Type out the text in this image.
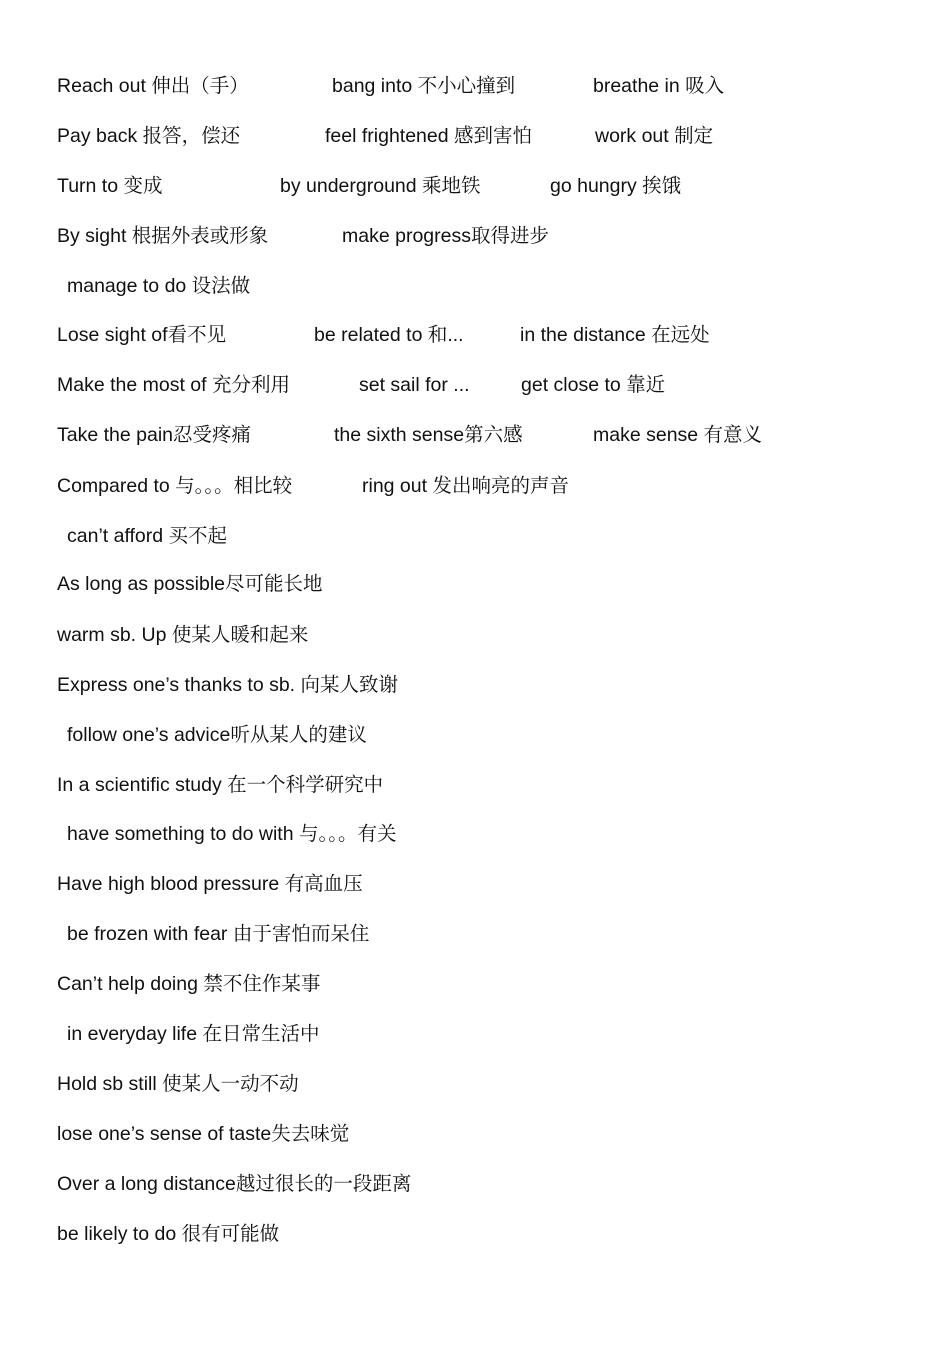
Reach out 伸出（手）	bang into 不小心撞到	breathe in 吸入
Pay back 报答，偿还	feel frightened 感到害怕	work out 制定
Turn to 变成	by underground 乘地铁	go hungry 挨饿
By sight 根据外表或形象	make progress取得进步
manage to do 设法做
Lose sight of看不见	be related to 和...	in the distance 在远处
Make the most of 充分利用	set sail for ...	get close to 靠近
Take the pain忍受疼痛	the sixth sense第六感	make sense 有意义
Compared to 与。。。相比较	ring out 发出响亮的声音
can’t afford 买不起
As long as possible尽可能长地
warm sb. Up 使某人暖和起来
Express one’s thanks to sb. 向某人致谢
follow one’s advice听从某人的建议
In a scientific study 在一个科学研究中
have something to do with 与。。。有关
Have high blood pressure 有高血压
be frozen with fear 由于害怕而呆住
Can’t help doing 禁不住作某事
in everyday life 在日常生活中
Hold sb still 使某人一动不动
lose one’s sense of taste失去味觉
Over a long distance越过很长的一段距离
be likely to do 很有可能做
